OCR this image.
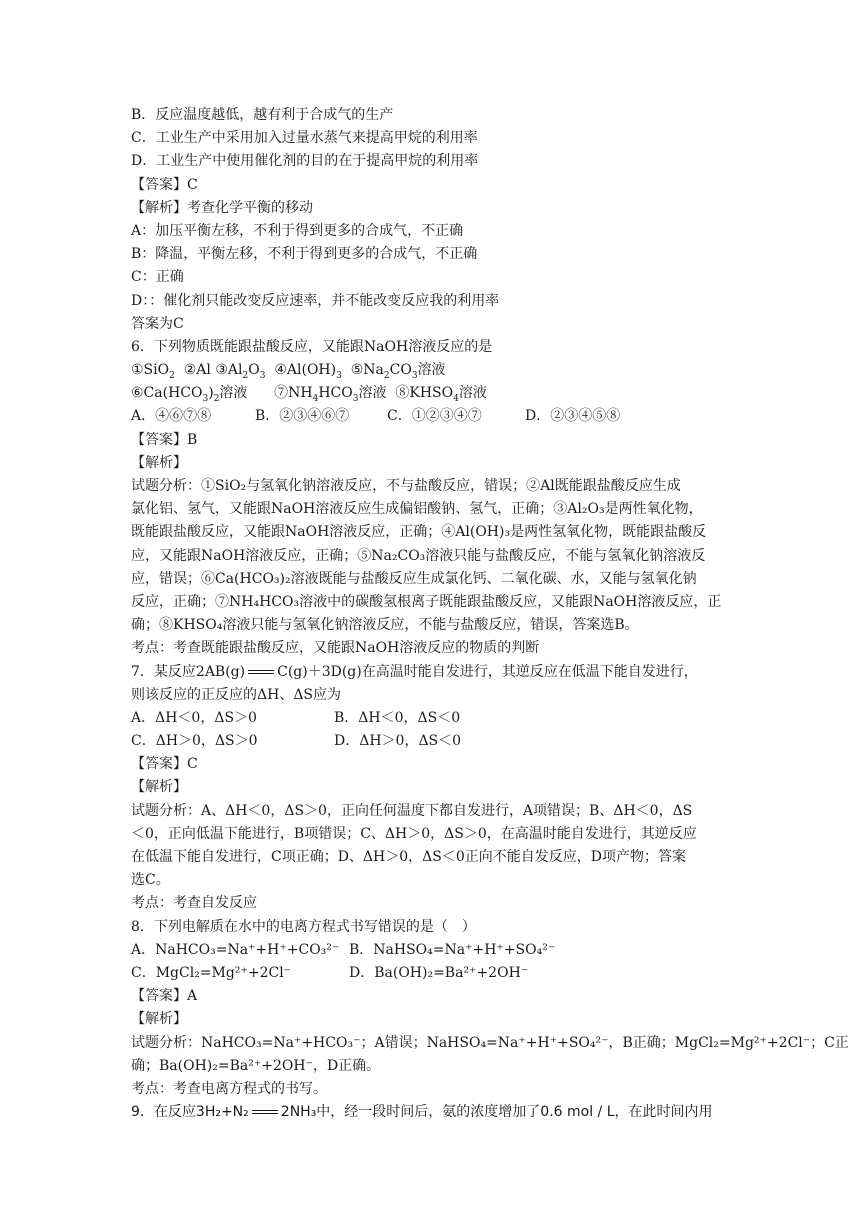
B．反应温度越低，越有利于合成气的生产
C．工业生产中采用加入过量水蒸气来提高甲烷的利用率
D．工业生产中使用催化剂的目的在于提高甲烷的利用率
【答案】C
【解析】考查化学平衡的移动
A：加压平衡左移，不利于得到更多的合成气，不正确
B：降温，平衡左移，不利于得到更多的合成气，不正确
C：正确
D：：催化剂只能改变反应速率，并不能改变反应我的利用率
答案为C
6．下列物质既能跟盐酸反应，又能跟NaOH溶液反应的是
①SiO$_2$ ②Al $③Al_2O_3$ $④Al(OH)_3$ $⑤Na_2CO_3$溶液
$⑥Ca(HCO_3)_2$溶液 $⑦NH_4HCO_3$溶液 $⑧KHSO_4$溶液
A．④⑥⑦⑧	B．②③④⑥⑦	C．①②③④⑦	D．②③④⑤⑧
【答案】B
【解析】
试题分析：①SiO₂与氢氧化钠溶液反应，不与盐酸反应，错误；②Al既能跟盐酸反应生成
氯化铝、氢气，又能跟NaOH溶液反应生成偏铝酸钠、氢气，正确；③Al₂O₃是两性氧化物，
既能跟盐酸反应，又能跟NaOH溶液反应，正确；④Al(OH)₃是两性氢氧化物，既能跟盐酸反
应，又能跟NaOH溶液反应，正确；⑤Na₂CO₃溶液只能与盐酸反应，不能与氢氧化钠溶液反
应，错误；⑥Ca(HCO₃)₂溶液既能与盐酸反应生成氯化钙、二氧化碳、水，又能与氢氧化钠
反应，正确；⑦NH₄HCO₃溶液中的碳酸氢根离子既能跟盐酸反应，又能跟NaOH溶液反应，正
确；⑧KHSO₄溶液只能与氢氧化钠溶液反应，不能与盐酸反应，错误，答案选B。
考点：考查既能跟盐酸反应，又能跟NaOH溶液反应的物质的判断
7．某反应2AB(g) C(g)＋3D(g)在高温时能自发进行，其逆反应在低温下能自发进行，
则该反应的正反应的ΔH、ΔS应为
A．ΔH＜0，ΔS＞0	B．ΔH＜0，ΔS＜0
C．ΔH＞0，ΔS＞0	D．ΔH＞0，ΔS＜0
【答案】C
【解析】
试题分析：A、ΔH＜0，ΔS＞0，正向任何温度下都自发进行，A项错误；B、ΔH＜0，ΔS
＜0，正向低温下能进行，B项错误；C、ΔH＞0，ΔS＞0，在高温时能自发进行，其逆反应
在低温下能自发进行，C项正确；D、ΔH＞0，ΔS＜0正向不能自发反应，D项产物；答案
选C。
考点：考查自发反应
8．下列电解质在水中的电离方程式书写错误的是（　）
A．NaHCO₃=Na⁺+H⁺+CO₃²⁻ B．NaHSO₄=Na⁺+H⁺+SO₄²⁻
C．MgCl₂=Mg²⁺+2Cl⁻	D．Ba(OH)₂=Ba²⁺+2OH⁻
【答案】A
【解析】
试题分析：NaHCO₃=Na⁺+HCO₃⁻；A错误；NaHSO₄=Na⁺+H⁺+SO₄²⁻，B正确；MgCl₂=Mg²⁺+2Cl⁻；C正
确；Ba(OH)₂=Ba²⁺+2OH⁻，D正确。
考点：考查电离方程式的书写。
9．在反应3H₂+N₂ 2NH₃中，经一段时间后，氨的浓度增加了0.6 mol / L，在此时间内用
